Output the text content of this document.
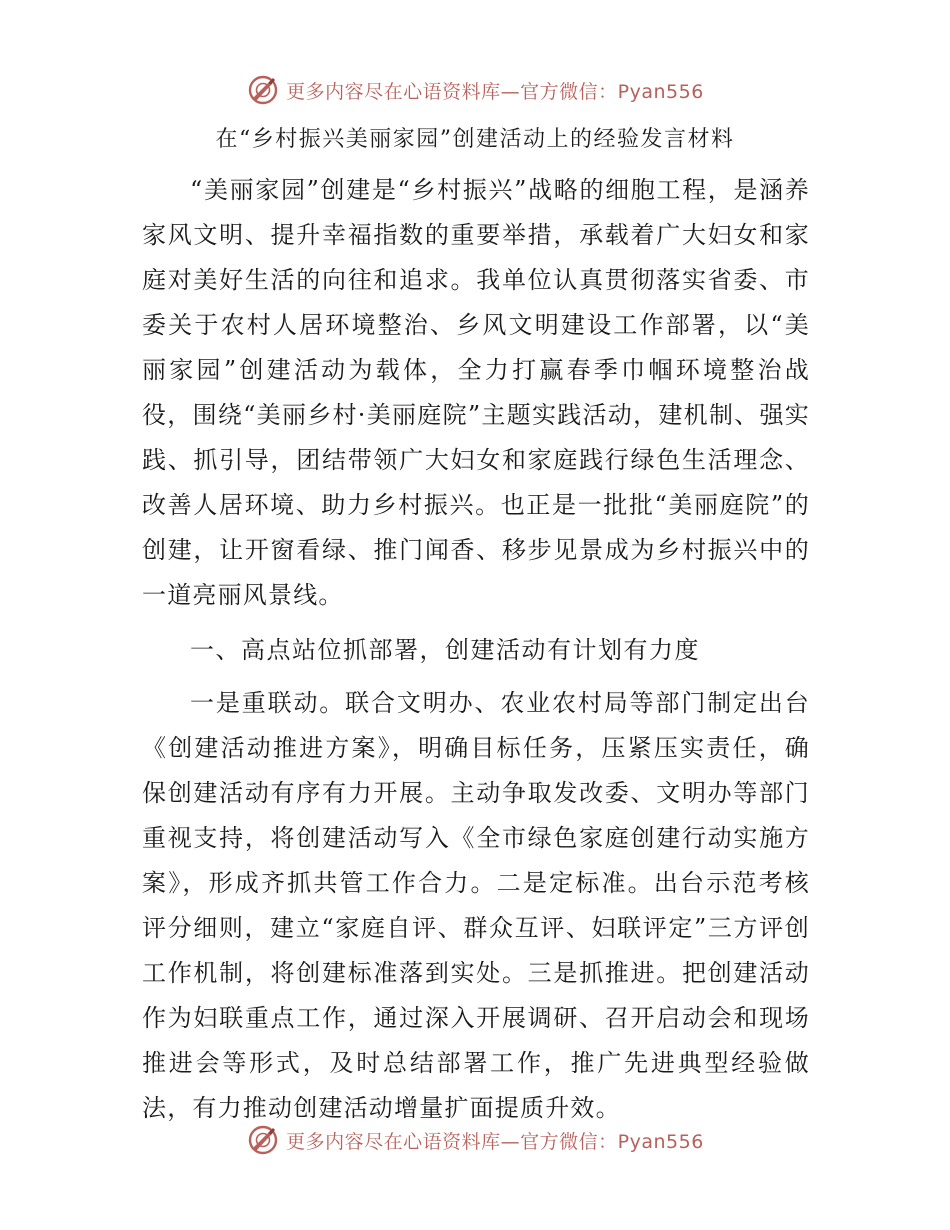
更多内容尽在心语资料库—官方微信：Pyan556
在“乡村振兴美丽家园”创建活动上的经验发言材料

“美丽家园”创建是“乡村振兴”战略的细胞工程，是涵养家风文明、提升幸福指数的重要举措，承载着广大妇女和家庭对美好生活的向往和追求。我单位认真贯彻落实省委、市委关于农村人居环境整治、乡风文明建设工作部署，以“美丽家园”创建活动为载体，全力打赢春季巾帼环境整治战役，围绕“美丽乡村·美丽庭院”主题实践活动，建机制、强实践、抓引导，团结带领广大妇女和家庭践行绿色生活理念、改善人居环境、助力乡村振兴。也正是一批批“美丽庭院”的创建，让开窗看绿、推门闻香、移步见景成为乡村振兴中的一道亮丽风景线。

一、高点站位抓部署，创建活动有计划有力度

一是重联动。联合文明办、农业农村局等部门制定出台《创建活动推进方案》，明确目标任务，压紧压实责任，确保创建活动有序有力开展。主动争取发改委、文明办等部门重视支持，将创建活动写入《全市绿色家庭创建行动实施方案》，形成齐抓共管工作合力。二是定标准。出台示范考核评分细则，建立“家庭自评、群众互评、妇联评定”三方评创工作机制，将创建标准落到实处。三是抓推进。把创建活动作为妇联重点工作，通过深入开展调研、召开启动会和现场推进会等形式，及时总结部署工作，推广先进典型经验做法，有力推动创建活动增量扩面提质升效。

更多内容尽在心语资料库—官方微信：Pyan556
